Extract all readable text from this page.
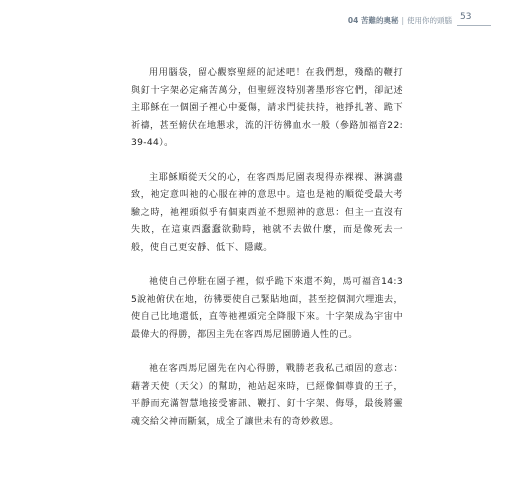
04 苦難的奧秘 | 使用你的頭腦 53

用用腦袋，留心觀察聖經的記述吧！在我們想，殘酷的鞭打與釘十字架必定痛苦萬分，但聖經沒特別著墨形容它們，卻記述主耶穌在一個園子裡心中憂傷，請求門徒扶持，祂掙扎著、跪下祈禱，甚至俯伏在地懇求，流的汗彷彿血水一般（參路加福音22:39-44）。

主耶穌順從天父的心，在客西馬尼園表現得赤裸裸、淋漓盡致，祂定意叫祂的心服在神的意思中。這也是祂的順從受最大考驗之時，祂裡頭似乎有個東西並不想照神的意思：但主一直沒有失敗，在這東西蠢蠢欲動時，祂就不去做什麼，而是像死去一般，使自己更安靜、低下、隱藏。

祂使自己停駐在園子裡，似乎跪下來還不夠，馬可福音14:35說祂俯伏在地，彷彿要使自己緊貼地面，甚至挖個洞穴埋進去，使自己比地還低，直等祂裡頭完全降服下來。十字架成為宇宙中最偉大的得勝，都因主先在客西馬尼園勝過人性的己。

祂在客西馬尼園先在內心得勝，戰勝老我私己頑固的意志：藉著天使（天父）的幫助，祂站起來時，已經像個尊貴的王子，平靜而充滿智慧地接受審訊、鞭打、釘十字架、侮辱，最後將靈魂交給父神而斷氣，成全了讓世未有的奇妙救恩。
